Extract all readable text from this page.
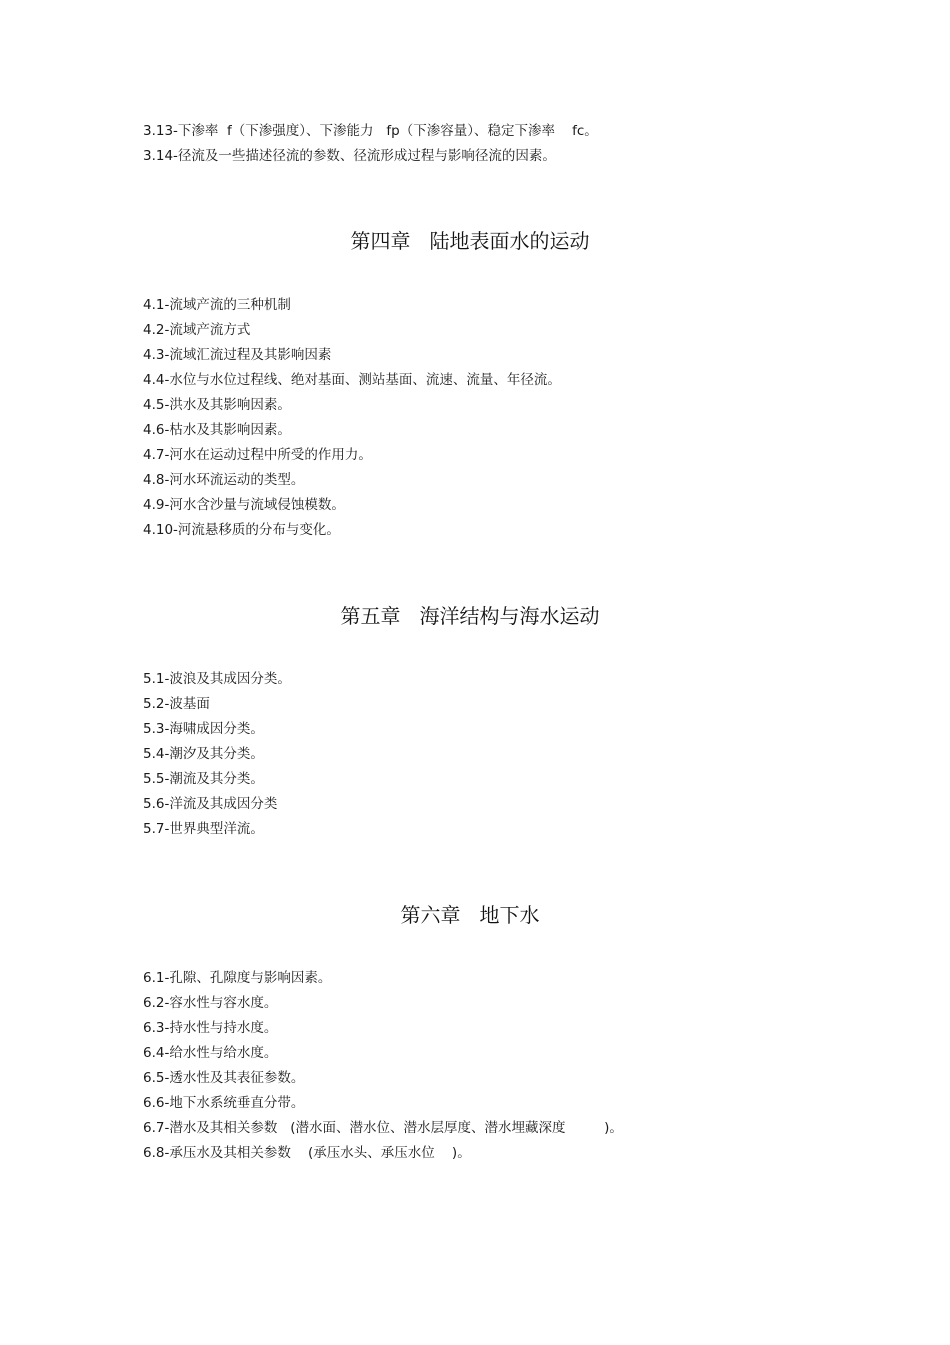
3.13-下渗率  f（下渗强度）、下渗能力   fp（下渗容量）、稳定下渗率    fc。
3.14-径流及一些描述径流的参数、径流形成过程与影响径流的因素。
第四章   陆地表面水的运动
4.1-流域产流的三种机制
4.2-流域产流方式
4.3-流域汇流过程及其影响因素
4.4-水位与水位过程线、绝对基面、测站基面、流速、流量、年径流。
4.5-洪水及其影响因素。
4.6-枯水及其影响因素。
4.7-河水在运动过程中所受的作用力。
4.8-河水环流运动的类型。
4.9-河水含沙量与流域侵蚀模数。
4.10-河流悬移质的分布与变化。
第五章   海洋结构与海水运动
5.1-波浪及其成因分类。
5.2-波基面
5.3-海啸成因分类。
5.4-潮汐及其分类。
5.5-潮流及其分类。
5.6-洋流及其成因分类
5.7-世界典型洋流。
第六章   地下水
6.1-孔隙、孔隙度与影响因素。
6.2-容水性与容水度。
6.3-持水性与持水度。
6.4-给水性与给水度。
6.5-透水性及其表征参数。
6.6-地下水系统垂直分带。
6.7-潜水及其相关参数   (潜水面、潜水位、潜水层厚度、潜水埋藏深度         )。
6.8-承压水及其相关参数    (承压水头、承压水位    )。
